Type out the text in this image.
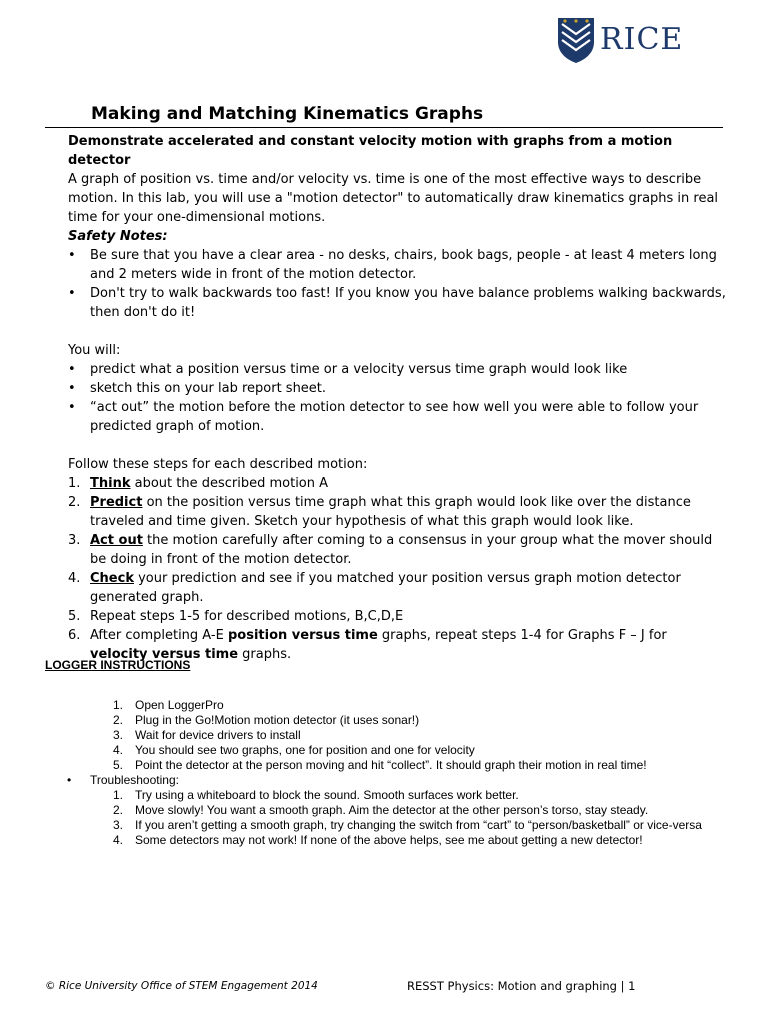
RICE
Making and Matching Kinematics Graphs

Demonstrate accelerated and constant velocity motion with graphs from a motion detector

A graph of position vs. time and/or velocity vs. time is one of the most effective ways to describe motion. In this lab, you will use a "motion detector" to automatically draw kinematics graphs in real time for your one-dimensional motions.

Safety Notes:

• Be sure that you have a clear area - no desks, chairs, book bags, people - at least 4 meters long and 2 meters wide in front of the motion detector.
• Don't try to walk backwards too fast! If you know you have balance problems walking backwards, then don't do it!

You will:

• predict what a position versus time or a velocity versus time graph would look like
• sketch this on your lab report sheet.
• “act out” the motion before the motion detector to see how well you were able to follow your predicted graph of motion.

Follow these steps for each described motion:

1. Think about the described motion A
2. Predict on the position versus time graph what this graph would look like over the distance traveled and time given. Sketch your hypothesis of what this graph would look like.
3. Act out the motion carefully after coming to a consensus in your group what the mover should be doing in front of the motion detector.
4. Check your prediction and see if you matched your position versus graph motion detector generated graph.
5. Repeat steps 1-5 for described motions, B,C,D,E
6. After completing A-E position versus time graphs, repeat steps 1-4 for Graphs F – J for velocity versus time graphs.

LOGGER INSTRUCTIONS

1. Open LoggerPro
2. Plug in the Go!Motion motion detector (it uses sonar!)
3. Wait for device drivers to install
4. You should see two graphs, one for position and one for velocity
5. Point the detector at the person moving and hit “collect”. It should graph their motion in real time!
• Troubleshooting:
1. Try using a whiteboard to block the sound. Smooth surfaces work better.
2. Move slowly! You want a smooth graph. Aim the detector at the other person’s torso, stay steady.
3. If you aren’t getting a smooth graph, try changing the switch from “cart” to “person/basketball” or vice-versa
4. Some detectors may not work! If none of the above helps, see me about getting a new detector!
© Rice University Office of STEM Engagement 2014	RESST Physics: Motion and graphing | 1
